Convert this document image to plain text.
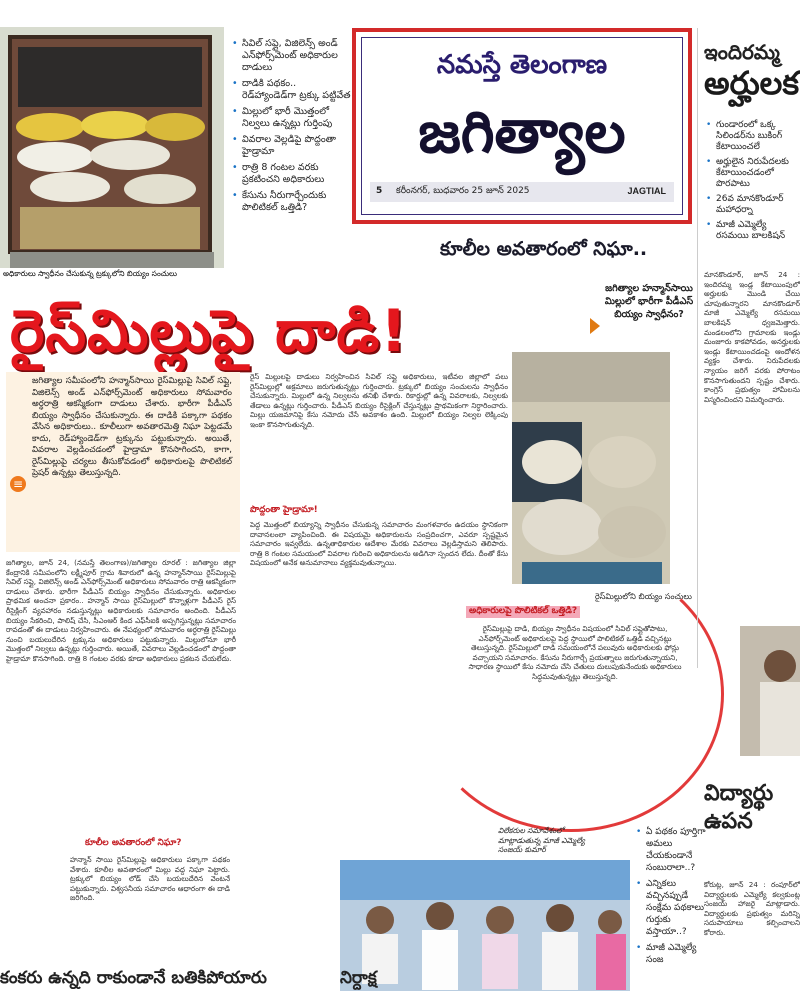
అధికారులు స్వాధీనం చేసుకున్న ట్రక్కులోని బియ్యం సంచులు
• సివిల్ సప్లై, విజిలెన్స్ అండ్ ఎన్‌ఫోర్స్‌మెంట్ అధికారుల దాడులు
• దాడికి పథకం.. రెడ్‌హ్యాండెడ్‌గా ట్రక్కు పట్టివేత
• మిల్లులో భారీ మొత్తంలో నిల్వలు ఉన్నట్లు గుర్తింపు
• వివరాల వెల్లడిపై పొద్దంతా హైడ్రామా
• రాత్రి 8 గంటల వరకు ప్రకటించని అధికారులు
• కేసును నీరుగార్చేందుకు పొలిటికల్ ఒత్తిడి?
నమస్తే తెలంగాణ
జగిత్యాల
5 కరీంనగర్, బుధవారం 25 జూన్ 2025	JAGTIAL
కూలీల అవతారంలో నిఘా..
రైస్‌మిల్లుపై దాడి!
జగిత్యాల హన్మాన్‌సాయి మిల్లులో భారీగా పీడీఎస్ బియ్యం స్వాధీనం?
≡
జగిత్యాల సమీపంలోని హన్మాన్‌సాయి రైస్‌మిల్లుపై సివిల్ సప్లై, విజిలెన్స్ అండ్ ఎన్‌ఫోర్స్‌మెంట్ అధికారులు సోమవారం అర్ధరాత్రి ఆకస్మికంగా దాడులు చేశారు. భారీగా పీడీఎస్ బియ్యం స్వాధీనం చేసుకున్నారు. ఈ దాడికి పక్కాగా పథకం వేసిన అధికారులు.. కూలీలుగా అవతారమెత్తి నిఘా పెట్టడమే కాదు, రెడ్‌హ్యాండెడ్‌గా ట్రక్కును పట్టుకున్నారు. అయితే, వివరాల వెల్లడించడంలో హైడ్రామా కొనసాగిందని, కాగా, రైస్‌మిల్లుపై చర్యలు తీసుకోవడంలో అధికారులపై పొలిటికల్ ప్రెషర్ ఉన్నట్లు తెలుస్తున్నది.
జగిత్యాల, జూన్ 24, (నమస్తే తెలంగాణ)/జగిత్యాల రూరల్ : జగిత్యాల జిల్లా కేంద్రానికి సమీపంలోని లక్ష్మీపూర్ గ్రామ శివారులో ఉన్న హన్మాన్‌సాయి రైస్‌మిల్లుపై సివిల్ సప్లై, విజిలెన్స్ అండ్ ఎన్‌ఫోర్స్‌మెంట్ అధికారులు సోమవారం రాత్రి ఆకస్మికంగా దాడులు చేశారు. భారీగా పీడీఎస్ బియ్యం స్వాధీనం చేసుకున్నారు. అధికారుల ప్రాథమిక అంచనా ప్రకారం.. హన్మాన్ సాయి రైస్‌మిల్లులో కొన్నాళ్లుగా పీడీఎస్ రైస్ రీసైక్లింగ్ వ్యవహారం నడుస్తున్నట్లు అధికారులకు సమాచారం అందింది. పీడీఎస్ బియ్యం సేకరించి, పాలిష్ చేసి, సీఎంఆర్ కింద ఎఫ్‌సీఐకి అప్పగిస్తున్నట్లు సమాచారం రావడంతో ఈ దాడులు నిర్వహించారు. ఈ నేపథ్యంలో సోమవారం అర్ధరాత్రి రైస్‌మిల్లు నుంచి బయలుదేరిన ట్రక్కును అధికారులు పట్టుకున్నారు. మిల్లులోనూ భారీ మొత్తంలో నిల్వలు ఉన్నట్లు గుర్తించారు. అయితే, వివరాలు వెల్లడించడంలో పొద్దంతా హైడ్రామా కొనసాగింది. రాత్రి 8 గంటల వరకు కూడా అధికారులు ప్రకటన చేయలేదు.
కూలీల అవతారంలో నిఘా?
హన్మాన్ సాయి రైస్‌మిల్లుపై అధికారులు పక్కాగా పథకం వేశారు. కూలీల అవతారంలో మిల్లు వద్ద నిఘా పెట్టారు. ట్రక్కులో బియ్యం లోడ్ చేసి బయలుదేరిన వెంటనే పట్టుకున్నారు. విశ్వసనీయ సమాచారం ఆధారంగా ఈ దాడి జరిగింది.
రైస్ మిల్లులపై దాడులు నిర్వహించిన సివిల్ సప్లై అధికారులు, ఇటీవల జిల్లాలో పలు రైస్‌మిల్లుల్లో అక్రమాలు జరుగుతున్నట్లు గుర్తించారు. ట్రక్కులో బియ్యం సంచులను స్వాధీనం చేసుకున్నారు. మిల్లులో ఉన్న నిల్వలను తనిఖీ చేశారు. రికార్డుల్లో ఉన్న వివరాలకు, నిల్వలకు తేడాలు ఉన్నట్లు గుర్తించారు. పీడీఎస్ బియ్యం రీసైక్లింగ్ చేస్తున్నట్లు ప్రాథమికంగా నిర్ధారించారు. మిల్లు యజమానిపై కేసు నమోదు చేసే అవకాశం ఉంది. మిల్లులో బియ్యం నిల్వల లెక్కింపు ఇంకా కొనసాగుతున్నది.
పొద్దంతా హైడ్రామా!
పెద్ద మొత్తంలో బియ్యాన్ని స్వాధీనం చేసుకున్న సమాచారం మంగళవారం ఉదయం స్థానికంగా దావానలంలా వ్యాపించింది. ఈ విషయమై అధికారులను సంప్రదించగా, ఎవరూ స్పష్టమైన సమాచారం ఇవ్వలేదు. ఉన్నతాధికారుల ఆదేశాల మేరకు వివరాలు వెల్లడిస్తామని తెలిపారు. రాత్రి 8 గంటల సమయంలో వివరాల గురించి అధికారులను అడిగినా స్పందన లేదు. దీంతో కేసు విషయంలో అనేక అనుమానాలు వ్యక్తమవుతున్నాయి.
రైస్‌మిల్లులోని బియ్యం సంచులు
అధికారులపై పొలిటికల్ ఒత్తిడి?
రైస్‌మిల్లుపై దాడి, బియ్యం స్వాధీనం విషయంలో సివిల్ సప్లైతోపాటు, ఎన్‌ఫోర్స్‌మెంట్ అధికారులపై పెద్ద స్థాయిలో పొలిటికల్ ఒత్తిడి వచ్చినట్లు తెలుస్తున్నది. రైస్‌మిల్లులో దాడి సమయంలోనే పలువురు అధికారులకు ఫోన్లు వచ్చాయని సమాచారం. కేసును నీరుగార్చే ప్రయత్నాలు జరుగుతున్నాయని, సాధారణ స్థాయిలో కేసు నమోదు చేసి చేతులు దులుపుకునేందుకు అధికారులు సిద్ధమవుతున్నట్లు తెలుస్తున్నది.
విలేకరుల సమావేశంలో మాట్లాడుతున్న మాజీ ఎమ్మెల్యే సంజయ్ కుమార్
• ఏ పథకం పూర్తిగా అమలు చేయకుండానే సంబురాలా..?
• ఎన్నికలు వచ్చినప్పుడే సంక్షేమ పథకాలు గుర్తుకు వస్తాయా..?
• మాజీ ఎమ్మెల్యే సంజ
కంకరు ఉన్నది రాకుండానే బతికిపోయారు	నిర్దాక్ష
ఇందిరమ్మ
అర్హులక
• గుండారంలో ఒక్క సిలిండర్‌ను బుకింగ్ కేటాయించలే
• అర్హులైన నిరుపేదలకు కేటాయించడంలో పొరపాటు
• 26వ మానకొండూర్ మహాధర్నా
• మాజీ ఎమ్మెల్యే రసమయి బాలకిషన్
మానకొండూర్, జూన్ 24 : ఇందిరమ్మ ఇండ్ల కేటాయింపులో అర్హులకు మొండి చేయి చూపుతున్నారని మానకొండూర్ మాజీ ఎమ్మెల్యే రసమయి బాలకిషన్ ధ్వజమెత్తారు. మండలంలోని గ్రామాలకు ఇండ్లు మంజూరు కాకపోవడం, అనర్హులకు ఇండ్లు కేటాయించడంపై ఆందోళన వ్యక్తం చేశారు. నిరుపేదలకు న్యాయం జరిగే వరకు పోరాటం కొనసాగుతుందని స్పష్టం చేశారు. కాంగ్రెస్ ప్రభుత్వం హామీలను విస్మరించిందని విమర్శించారు.
విద్యార్థు ఉపన
కోరుట్ల, జూన్ 24 : రంపూర్‌లో విద్యార్థులకు ఎమ్మెల్యే కల్వకుంట్ల సంజయ్ హాజరై మాట్లాడారు. విద్యార్థులకు ప్రభుత్వం మరిన్ని సదుపాయాలు కల్పించాలని కోరారు.
